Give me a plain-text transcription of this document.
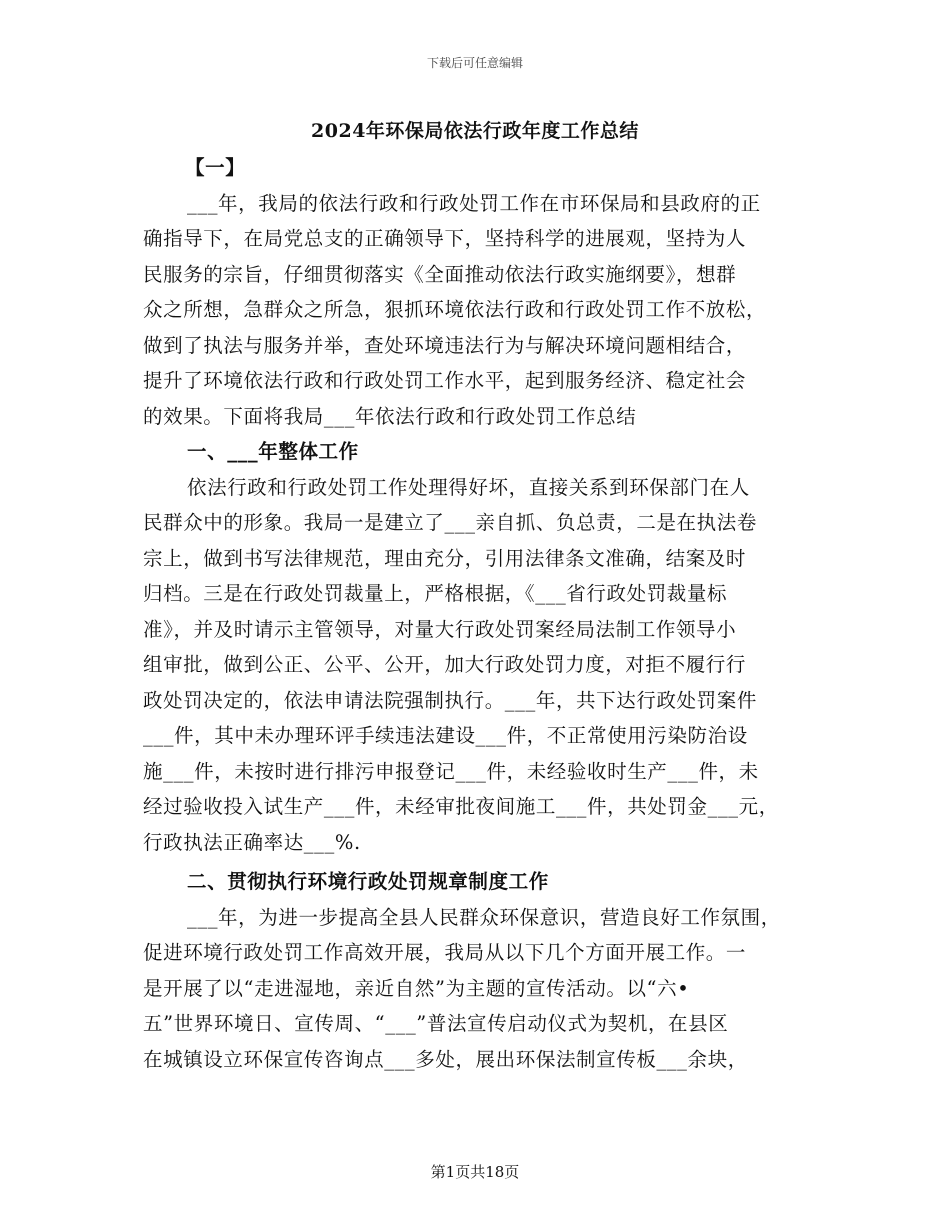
下载后可任意编辑
2024年环保局依法行政年度工作总结
【一】
___年，我局的依法行政和行政处罚工作在市环保局和县政府的正
确指导下，在局党总支的正确领导下，坚持科学的进展观，坚持为人
民服务的宗旨，仔细贯彻落实《全面推动依法行政实施纲要》，想群
众之所想，急群众之所急，狠抓环境依法行政和行政处罚工作不放松，
做到了执法与服务并举，查处环境违法行为与解决环境问题相结合，
提升了环境依法行政和行政处罚工作水平，起到服务经济、稳定社会
的效果。下面将我局___年依法行政和行政处罚工作总结
一、___年整体工作
依法行政和行政处罚工作处理得好坏，直接关系到环保部门在人
民群众中的形象。我局一是建立了___亲自抓、负总责，二是在执法卷
宗上，做到书写法律规范，理由充分，引用法律条文准确，结案及时
归档。三是在行政处罚裁量上，严格根据，《___省行政处罚裁量标
准》，并及时请示主管领导，对量大行政处罚案经局法制工作领导小
组审批，做到公正、公平、公开，加大行政处罚力度，对拒不履行行
政处罚决定的，依法申请法院强制执行。___年，共下达行政处罚案件
___件，其中未办理环评手续违法建设___件，不正常使用污染防治设
施___件，未按时进行排污申报登记___件，未经验收时生产___件，未
经过验收投入试生产___件，未经审批夜间施工___件，共处罚金___元，
行政执法正确率达___%.
二、贯彻执行环境行政处罚规章制度工作
___年，为进一步提高全县人民群众环保意识，营造良好工作氛围，
促进环境行政处罚工作高效开展，我局从以下几个方面开展工作。一
是开展了以“走进湿地，亲近自然”为主题的宣传活动。以“六•
五”世界环境日、宣传周、“___”普法宣传启动仪式为契机，在县区
在城镇设立环保宣传咨询点___多处，展出环保法制宣传板___余块，
第1页共18页
